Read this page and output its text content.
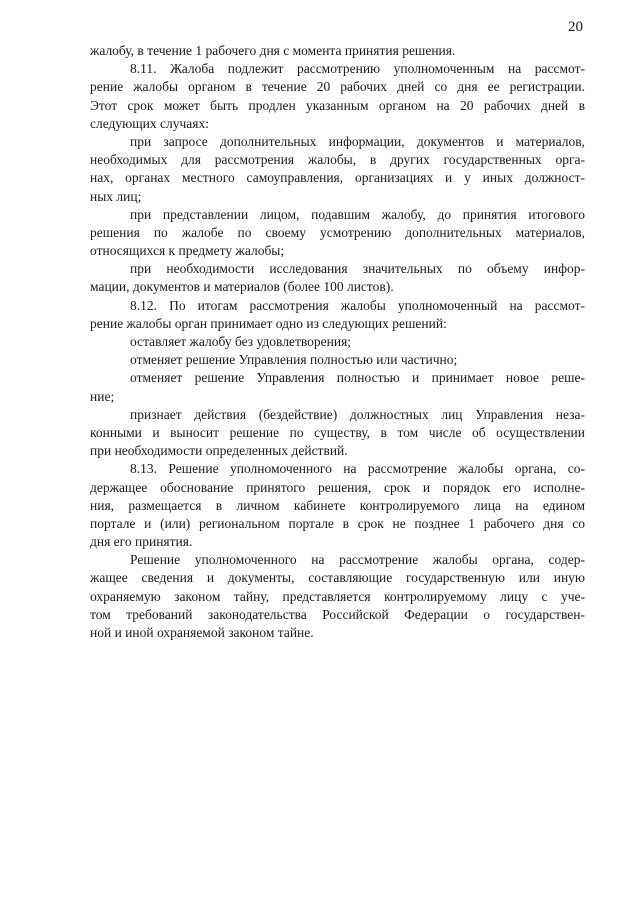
20
жалобу, в течение 1 рабочего дня с момента принятия решения.
8.11. Жалоба подлежит рассмотрению уполномоченным на рассмот-
рение жалобы органом в течение 20 рабочих дней со дня ее регистрации.
Этот срок может быть продлен указанным органом на 20 рабочих дней в
следующих случаях:
при запросе дополнительных информации, документов и материалов,
необходимых для рассмотрения жалобы, в других государственных орга-
нах, органах местного самоуправления, организациях и у иных должност-
ных лиц;
при представлении лицом, подавшим жалобу, до принятия итогового
решения по жалобе по своему усмотрению дополнительных материалов,
относящихся к предмету жалобы;
при необходимости исследования значительных по объему инфор-
мации, документов и материалов (более 100 листов).
8.12. По итогам рассмотрения жалобы уполномоченный на рассмот-
рение жалобы орган принимает одно из следующих решений:
оставляет жалобу без удовлетворения;
отменяет решение Управления полностью или частично;
отменяет решение Управления полностью и принимает новое реше-
ние;
признает действия (бездействие) должностных лиц Управления неза-
конными и выносит решение по существу, в том числе об осуществлении
при необходимости определенных действий.
8.13. Решение уполномоченного на рассмотрение жалобы органа, со-
держащее обоснование принятого решения, срок и порядок его исполне-
ния, размещается в личном кабинете контролируемого лица на едином
портале и (или) региональном портале в срок не позднее 1 рабочего дня со
дня его принятия.
Решение уполномоченного на рассмотрение жалобы органа, содер-
жащее сведения и документы, составляющие государственную или иную
охраняемую законом тайну, представляется контролируемому лицу с уче-
том требований законодательства Российской Федерации о государствен-
ной и иной охраняемой законом тайне.
